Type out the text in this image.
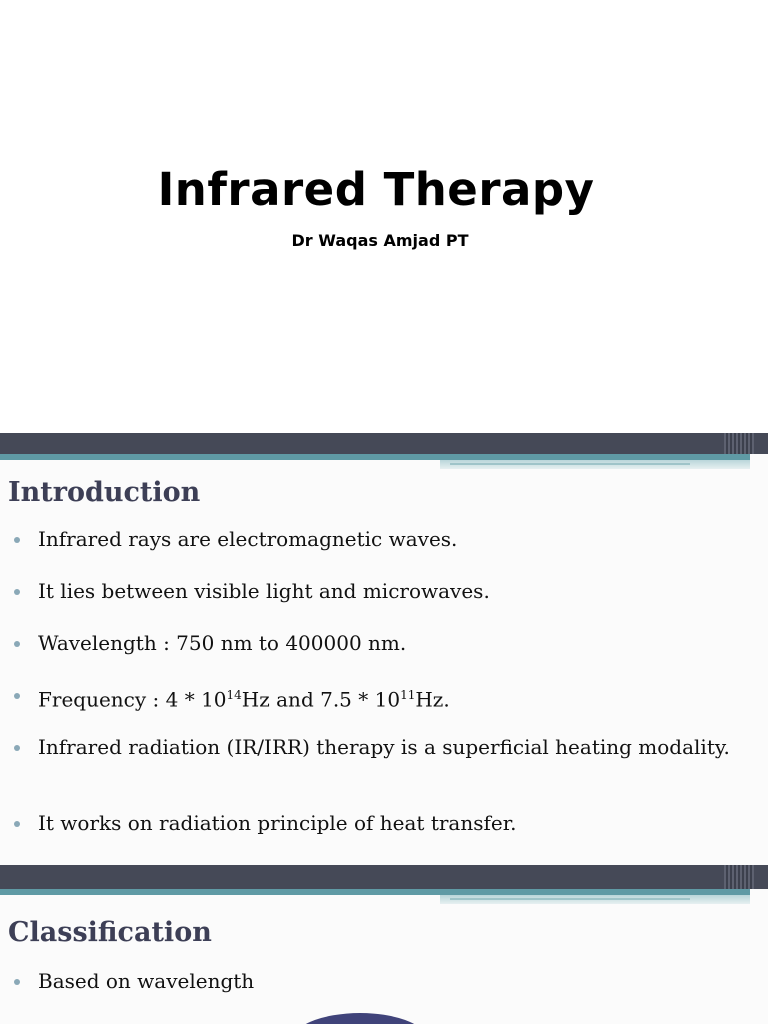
Infrared Therapy

Dr Waqas Amjad PT

Introduction
Infrared rays are electromagnetic waves.
It lies between visible light and microwaves.
Wavelength : 750 nm to 400000 nm.
Frequency : $4 * 10^{14}Hz$ and $7.5 * 10^{11}Hz$.
Infrared radiation (IR/IRR) therapy is a superficial heating modality.
It works on radiation principle of heat transfer.
Classification
Based on wavelength
